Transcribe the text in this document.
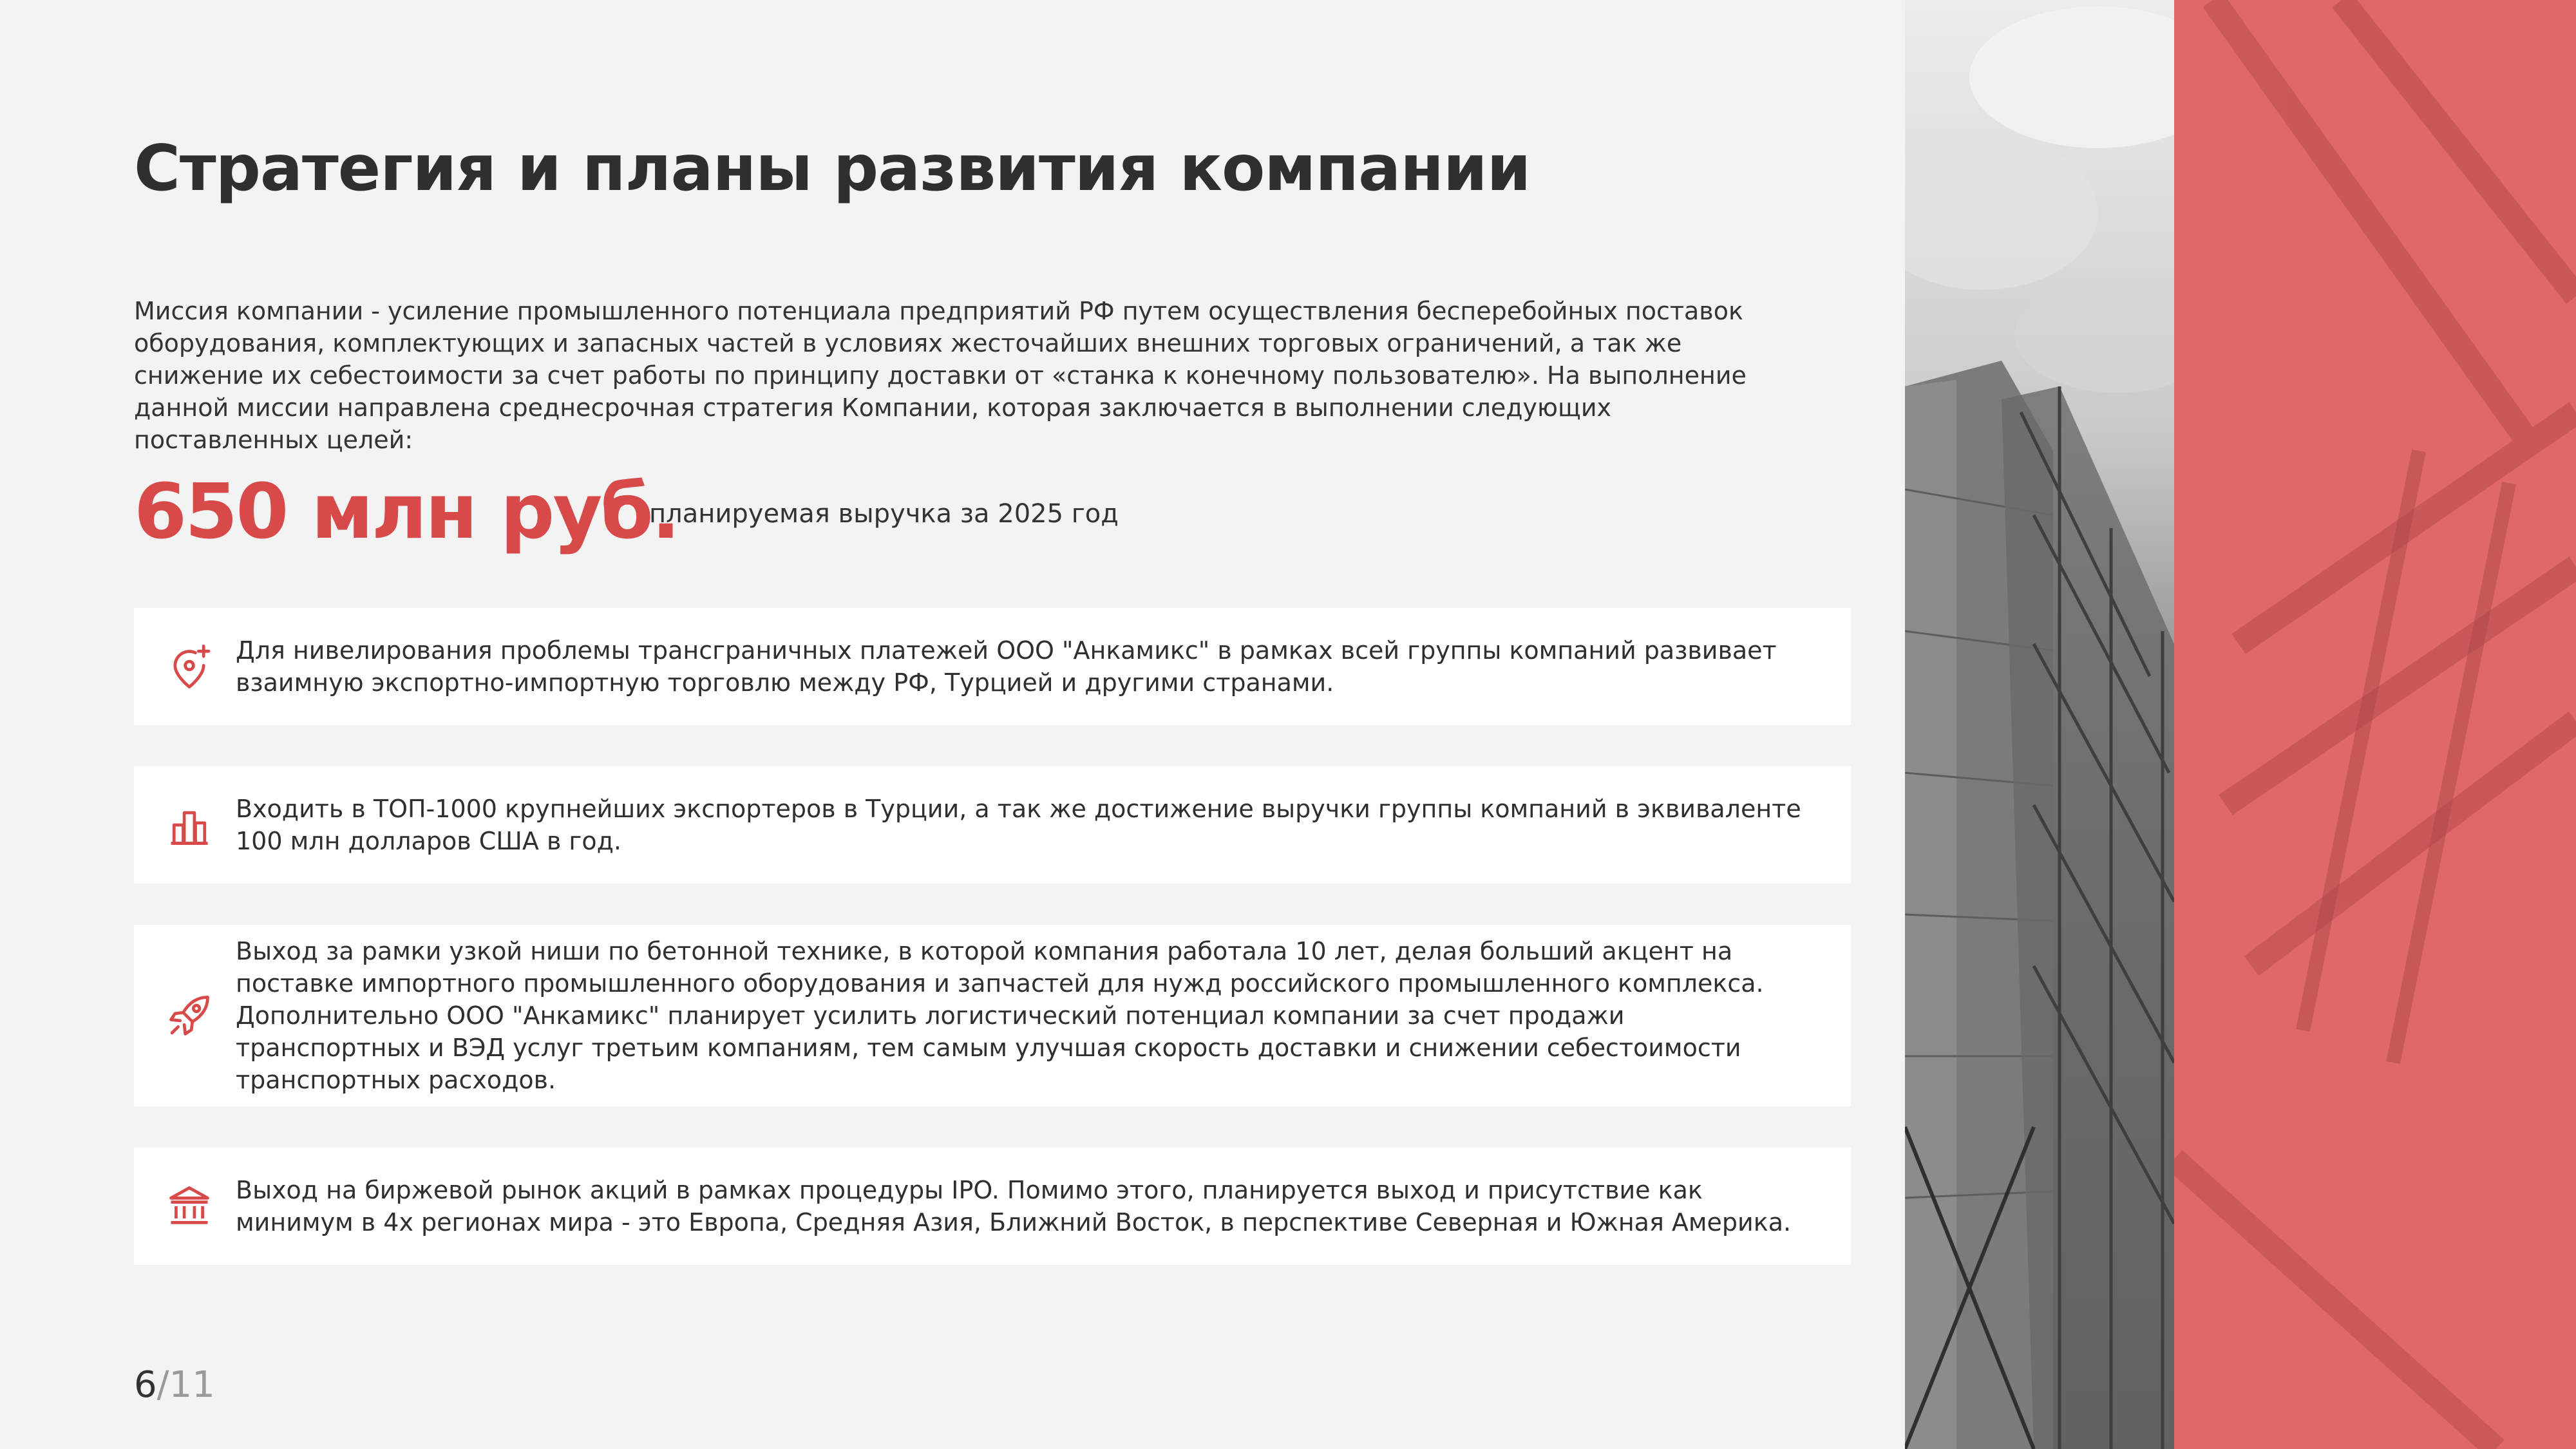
Стратегия и планы развития компании
Миссия компании - усиление промышленного потенциала предприятий РФ путем осуществления бесперебойных поставок оборудования, комплектующих и запасных частей в условиях жесточайших внешних торговых ограничений, а так же снижение их себестоимости за счет работы по принципу доставки от «станка к конечному пользователю». На выполнение данной миссии направлена среднесрочная стратегия Компании, которая заключается в выполнении следующих поставленных целей:
650 млн руб.
планируемая выручка за 2025 год
Для нивелирования проблемы трансграничных платежей ООО "Анкамикс" в рамках всей группы компаний развивает взаимную экспортно-импортную торговлю между РФ, Турцией и другими странами.
Входить в ТОП-1000 крупнейших экспортеров в Турции, а так же достижение выручки группы компаний в эквиваленте 100 млн долларов США в год.
Выход за рамки узкой ниши по бетонной технике, в которой компания работала 10 лет, делая больший акцент на поставке импортного промышленного оборудования и запчастей для нужд российского промышленного комплекса. Дополнительно ООО "Анкамикс" планирует усилить логистический потенциал компании за счет продажи транспортных и ВЭД услуг третьим компаниям, тем самым улучшая скорость доставки и снижении себестоимости транспортных расходов.
Выход на биржевой рынок акций в рамках процедуры IPO. Помимо этого, планируется выход и присутствие как минимум в 4х регионах мира - это Европа, Средняя Азия, Ближний Восток, в перспективе Северная и Южная Америка.
6/11
